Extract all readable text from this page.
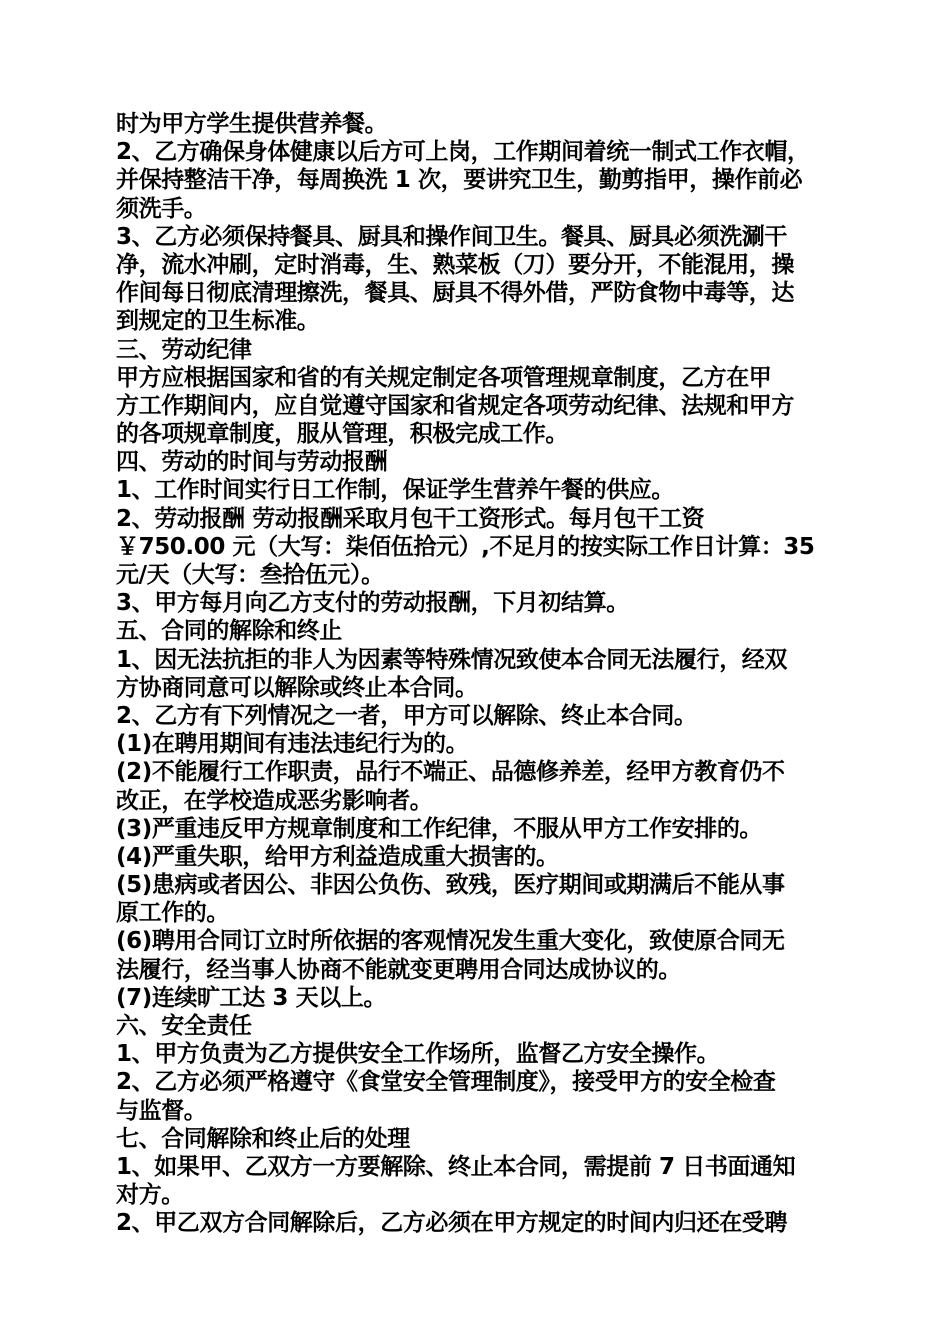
时为甲方学生提供营养餐。
2、乙方确保身体健康以后方可上岗，工作期间着统一制式工作衣帽，
并保持整洁干净，每周换洗 1 次，要讲究卫生，勤剪指甲，操作前必
须洗手。
3、乙方必须保持餐具、厨具和操作间卫生。餐具、厨具必须洗涮干
净，流水冲刷，定时消毒，生、熟菜板（刀）要分开，不能混用，操
作间每日彻底清理擦洗，餐具、厨具不得外借，严防食物中毒等，达
到规定的卫生标准。
三、劳动纪律
甲方应根据国家和省的有关规定制定各项管理规章制度，乙方在甲
方工作期间内，应自觉遵守国家和省规定各项劳动纪律、法规和甲方
的各项规章制度，服从管理，积极完成工作。
四、劳动的时间与劳动报酬
1、工作时间实行日工作制，保证学生营养午餐的供应。
2、劳动报酬 劳动报酬采取月包干工资形式。每月包干工资
￥750.00 元（大写：柒佰伍拾元）,不足月的按实际工作日计算：35
元/天（大写：叁拾伍元）。
3、甲方每月向乙方支付的劳动报酬，下月初结算。
五、合同的解除和终止
1、因无法抗拒的非人为因素等特殊情况致使本合同无法履行，经双
方协商同意可以解除或终止本合同。
2、乙方有下列情况之一者，甲方可以解除、终止本合同。
(1)在聘用期间有违法违纪行为的。
(2)不能履行工作职责，品行不端正、品德修养差，经甲方教育仍不
改正，在学校造成恶劣影响者。
(3)严重违反甲方规章制度和工作纪律，不服从甲方工作安排的。
(4)严重失职，给甲方利益造成重大损害的。
(5)患病或者因公、非因公负伤、致残，医疗期间或期满后不能从事
原工作的。
(6)聘用合同订立时所依据的客观情况发生重大变化，致使原合同无
法履行，经当事人协商不能就变更聘用合同达成协议的。
(7)连续旷工达 3 天以上。
六、安全责任
1、甲方负责为乙方提供安全工作场所，监督乙方安全操作。
2、乙方必须严格遵守《食堂安全管理制度》，接受甲方的安全检查
与监督。
七、合同解除和终止后的处理
1、如果甲、乙双方一方要解除、终止本合同，需提前 7 日书面通知
对方。
2、甲乙双方合同解除后，乙方必须在甲方规定的时间内归还在受聘
